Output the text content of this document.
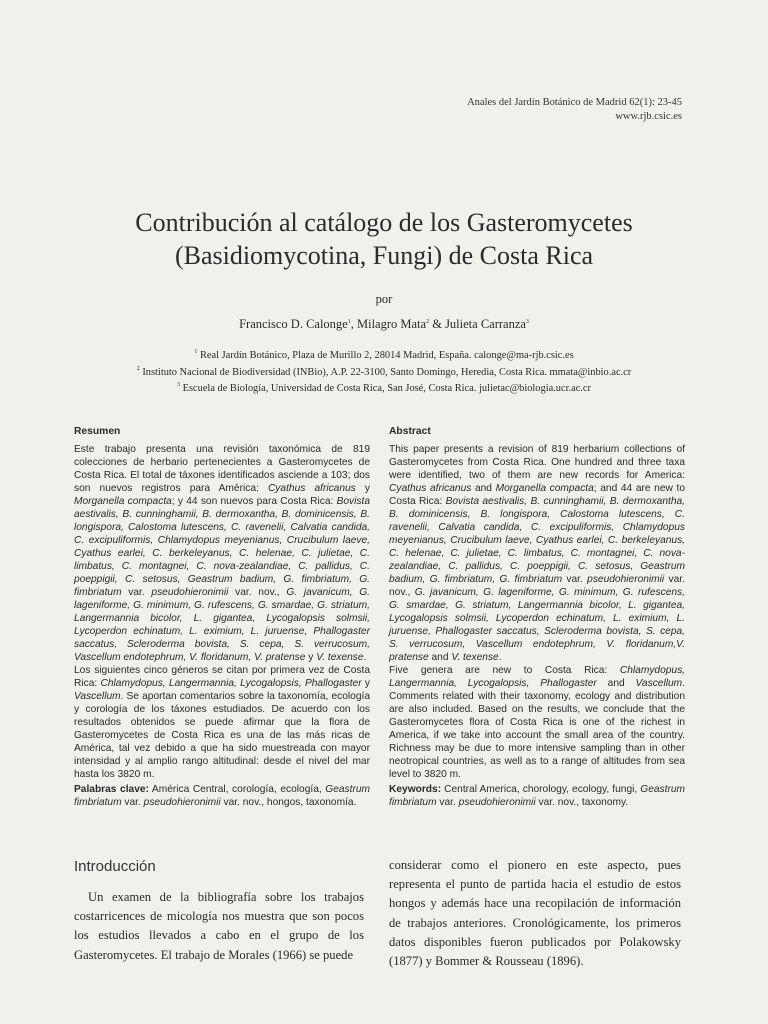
Anales del Jardín Botánico de Madrid 62(1): 23-45
www.rjb.csic.es
Contribución al catálogo de los Gasteromycetes
(Basidiomycotina, Fungi) de Costa Rica
por
Francisco D. Calonge$^1$, Milagro Mata$^2$ & Julieta Carranza$^3$
$^1$ Real Jardín Botánico, Plaza de Murillo 2, 28014 Madrid, España. calonge@ma-rjb.csic.es
$^2$ Instituto Nacional de Biodiversidad (INBio), A.P. 22-3100, Santo Domingo, Heredia, Costa Rica. mmata@inbio.ac.cr
$^3$ Escuela de Biología, Universidad de Costa Rica, San José, Costa Rica. julietac@biologia.ucr.ac.cr
Resumen

Este trabajo presenta una revisión taxonómica de 819 colecciones de herbario pertenecientes a Gasteromycetes de Costa Rica. El total de táxones identificados asciende a 103; dos son nuevos registros para América: Cyathus africanus y Morganella compacta; y 44 son nuevos para Costa Rica: Bovista aestivalis, B. cunninghamii, B. dermoxantha, B. dominicensis, B. longispora, Calostoma lutescens, C. ravenelii, Calvatia candida, C. excipuliformis, Chlamydopus meyenianus, Crucibulum laeve, Cyathus earlei, C. berkeleyanus, C. helenae, C. julietae, C. limbatus, C. montagnei, C. nova-zealandiae, C. pallidus, C. poeppigii, C. setosus, Geastrum badium, G. fimbriatum, G. fimbriatum var. pseudohieronimii var. nov., G. javanicum, G. lageniforme, G. minimum, G. rufescens, G. smardae, G. striatum, Langermannia bicolor, L. gigantea, Lycogalopsis solmsii, Lycoperdon echinatum, L. eximium, L. juruense, Phallogaster saccatus, Scleroderma bovista, S. cepa, S. verrucosum, Vascellum endotephrum, V. floridanum, V. pratense y V. texense.

Los siguientes cinco géneros se citan por primera vez de Costa Rica: Chlamydopus, Langermannia, Lycogalopsis, Phallogaster y Vascellum. Se aportan comentarios sobre la taxonomía, ecología y corología de los táxones estudiados. De acuerdo con los resultados obtenidos se puede afirmar que la flora de Gasteromycetes de Costa Rica es una de las más ricas de América, tal vez debido a que ha sido muestreada con mayor intensidad y al amplio rango altitudinal: desde el nivel del mar hasta los 3820 m.

Palabras clave: América Central, corología, ecología, Geastrum fimbriatum var. pseudohieronimii var. nov., hongos, taxonomía.

Abstract

This paper presents a revision of 819 herbarium collections of Gasteromycetes from Costa Rica. One hundred and three taxa were identified, two of them are new records for America: Cyathus africanus and Morganella compacta; and 44 are new to Costa Rica: Bovista aestivalis, B. cunninghamii, B. dermoxantha, B. dominicensis, B. longispora, Calostoma lutescens, C. ravenelii, Calvatia candida, C. excipuliformis, Chlamydopus meyenianus, Crucibulum laeve, Cyathus earlei, C. berkeleyanus, C. helenae, C. julietae, C. limbatus, C. montagnei, C. nova-zealandiae, C. pallidus, C. poeppigii, C. setosus, Geastrum badium, G. fimbriatum, G. fimbriatum var. pseudohieronimii var. nov., G. javanicum, G. lageniforme, G. minimum, G. rufescens, G. smardae, G. striatum, Langermannia bicolor, L. gigantea, Lycogalopsis solmsii, Lycoperdon echinatum, L. eximium, L. juruense, Phallogaster saccatus, Scleroderma bovista, S. cepa, S. verrucosum, Vascellum endotephrum, V. floridanum,V. pratense and V. texense.

Five genera are new to Costa Rica: Chlamydopus, Langermannia, Lycogalopsis, Phallogaster and Vascellum. Comments related with their taxonomy, ecology and distribution are also included. Based on the results, we conclude that the Gasteromycetes flora of Costa Rica is one of the richest in America, if we take into account the small area of the country. Richness may be due to more intensive sampling than in other neotropical countries, as well as to a range of altitudes from sea level to 3820 m.

Keywords: Central America, chorology, ecology, fungi, Geastrum fimbriatum var. pseudohieronimii var. nov., taxonomy.

Introducción

Un examen de la bibliografía sobre los trabajos costarricences de micología nos muestra que son pocos los estudios llevados a cabo en el grupo de los Gasteromycetes. El trabajo de Morales (1966) se puede

considerar como el pionero en este aspecto, pues representa el punto de partida hacia el estudio de estos hongos y además hace una recopilación de información de trabajos anteriores. Cronológicamente, los primeros datos disponibles fueron publicados por Polakowsky (1877) y Bommer & Rousseau (1896).
